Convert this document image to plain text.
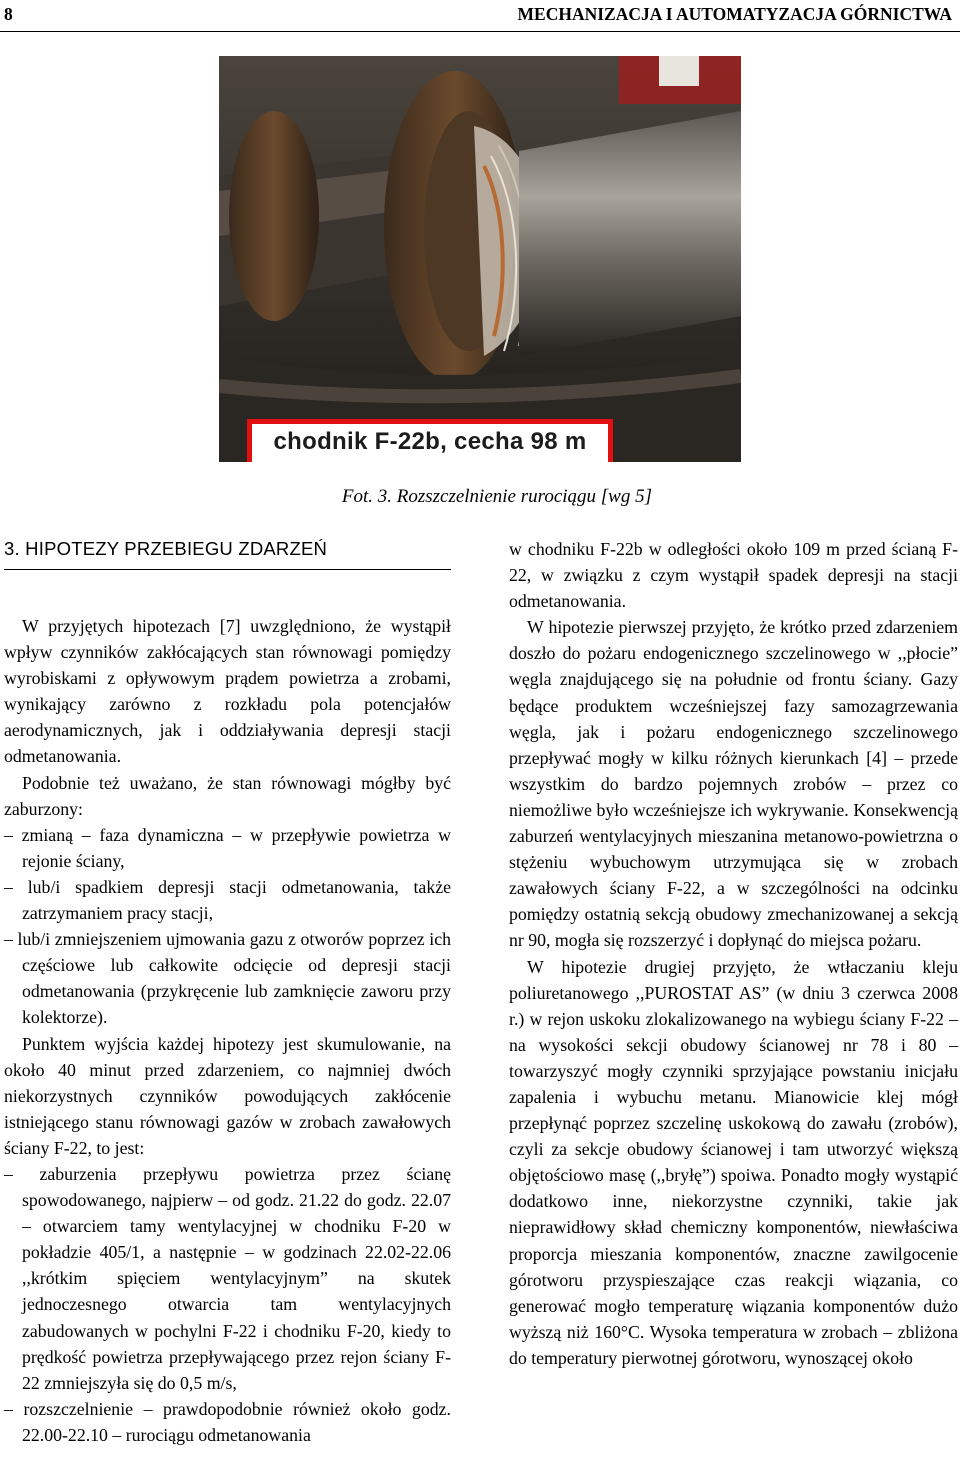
8	MECHANIZACJA I AUTOMATYZACJA GÓRNICTWA
chodnik F-22b, cecha 98 m
Fot. 3. Rozszczelnienie rurociągu [wg 5]
3. HIPOTEZY PRZEBIEGU ZDARZEŃ

W przyjętych hipotezach [7] uwzględniono, że wystąpił wpływ czynników zakłócających stan równowagi pomiędzy wyrobiskami z opływowym prądem powietrza a zrobami, wynikający zarówno z rozkładu pola potencjałów aerodynamicznych, jak i oddziaływania depresji stacji odmetanowania.

Podobnie też uważano, że stan równowagi mógłby być zaburzony:

– zmianą – faza dynamiczna – w przepływie powietrza w rejonie ściany,

– lub/i spadkiem depresji stacji odmetanowania, także zatrzymaniem pracy stacji,

– lub/i zmniejszeniem ujmowania gazu z otworów poprzez ich częściowe lub całkowite odcięcie od depresji stacji odmetanowania (przykręcenie lub zamknięcie zaworu przy kolektorze).

Punktem wyjścia każdej hipotezy jest skumulowanie, na około 40 minut przed zdarzeniem, co najmniej dwóch niekorzystnych czynników powodujących zakłócenie istniejącego stanu równowagi gazów w zrobach zawałowych ściany F-22, to jest:

– zaburzenia przepływu powietrza przez ścianę spowodowanego, najpierw – od godz. 21.22 do godz. 22.07 – otwarciem tamy wentylacyjnej w chodniku F-20 w pokładzie 405/1, a następnie – w godzinach 22.02-22.06 ,,krótkim spięciem wentylacyjnym” na skutek jednoczesnego otwarcia tam wentylacyjnych zabudowanych w pochylni F-22 i chodniku F-20, kiedy to prędkość powietrza przepływającego przez rejon ściany F-22 zmniejszyła się do 0,5 m/s,

– rozszczelnienie – prawdopodobnie również około godz. 22.00-22.10 – rurociągu odmetanowania

w chodniku F-22b w odległości około 109 m przed ścianą F-22, w związku z czym wystąpił spadek depresji na stacji odmetanowania.

W hipotezie pierwszej przyjęto, że krótko przed zdarzeniem doszło do pożaru endogenicznego szczelinowego w ,,płocie” węgla znajdującego się na południe od frontu ściany. Gazy będące produktem wcześniejszej fazy samozagrzewania węgla, jak i pożaru endogenicznego szczelinowego przepływać mogły w kilku różnych kierunkach [4] – przede wszystkim do bardzo pojemnych zrobów – przez co niemożliwe było wcześniejsze ich wykrywanie. Konsekwencją zaburzeń wentylacyjnych mieszanina metanowo-powietrzna o stężeniu wybuchowym utrzymująca się w zrobach zawałowych ściany F-22, a w szczególności na odcinku pomiędzy ostatnią sekcją obudowy zmechanizowanej a sekcją nr 90, mogła się rozszerzyć i dopłynąć do miejsca pożaru.

W hipotezie drugiej przyjęto, że wtłaczaniu kleju poliuretanowego ,,PUROSTAT AS” (w dniu 3 czerwca 2008 r.) w rejon uskoku zlokalizowanego na wybiegu ściany F-22 – na wysokości sekcji obudowy ścianowej nr 78 i 80 – towarzyszyć mogły czynniki sprzyjające powstaniu inicjału zapalenia i wybuchu metanu. Mianowicie klej mógł przepłynąć poprzez szczelinę uskokową do zawału (zrobów), czyli za sekcje obudowy ścianowej i tam utworzyć większą objętościowo masę (,,bryłę”) spoiwa. Ponadto mogły wystąpić dodatkowo inne, niekorzystne czynniki, takie jak nieprawidłowy skład chemiczny komponentów, niewłaściwa proporcja mieszania komponentów, znaczne zawilgocenie górotworu przyspieszające czas reakcji wiązania, co generować mogło temperaturę wiązania komponentów dużo wyższą niż 160°C. Wysoka temperatura w zrobach – zbliżona do temperatury pierwotnej górotworu, wynoszącej około
